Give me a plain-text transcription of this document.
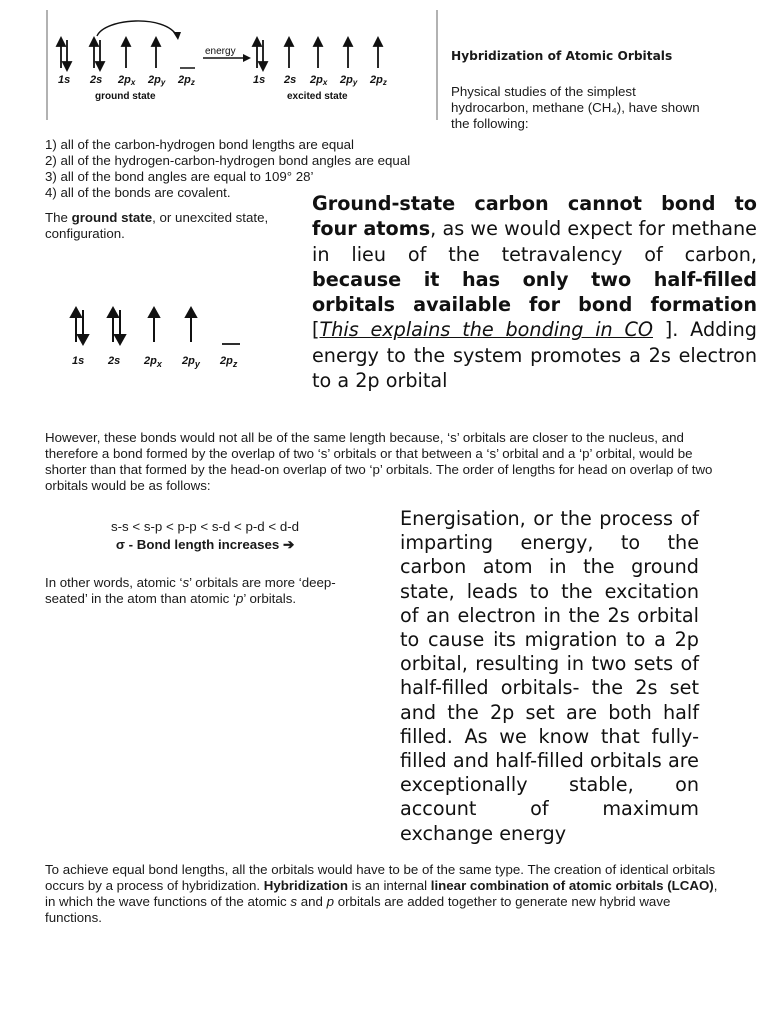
energy
1s 2s 2px 2py 2pz
ground state
1s 2s 2px 2py 2pz
excited state
Hybridization of Atomic Orbitals
Physical studies of the simplest hydrocarbon, methane (CH₄), have shown the following:
1) all of the carbon-hydrogen bond lengths are equal
2) all of the hydrogen-carbon-hydrogen bond angles are equal
3) all of the bond angles are equal to 109° 28’
4) all of the bonds are covalent.
The ground state, or unexcited state,
configuration.
1s 2s $2p_x$ $2p_y$ $2p_z$
Ground-state carbon cannot bond to four atoms, as we would expect for methane in lieu of the tetravalency of carbon, because it has only two half-filled orbitals available for bond formation [This explains the bonding in CO ]. Adding energy to the system promotes a 2s electron to a 2p orbital
However, these bonds would not all be of the same length because, ‘s’ orbitals are closer to the nucleus, and therefore a bond formed by the overlap of two ‘s’ orbitals or that between a ‘s’ orbital and a ‘p’ orbital, would be shorter than that formed by the head-on overlap of two ‘p’ orbitals. The order of lengths for head on overlap of two orbitals would be as follows:
s-s < s-p < p-p < s-d < p-d < d-d
σ - Bond length increases ➔
In other words, atomic ‘s’ orbitals are more ‘deep-seated’ in the atom than atomic ‘p’ orbitals.
Energisation, or the process of imparting energy, to the carbon atom in the ground state, leads to the excitation of an electron in the 2s orbital to cause its migration to a 2p orbital, resulting in two sets of half-filled orbitals- the 2s set and the 2p set are both half filled. As we know that fully-filled and half-filled orbitals are exceptionally stable, on account of maximum exchange energy
To achieve equal bond lengths, all the orbitals would have to be of the same type. The creation of identical orbitals occurs by a process of hybridization. Hybridization is an internal linear combination of atomic orbitals (LCAO), in which the wave functions of the atomic s and p orbitals are added together to generate new hybrid wave functions.
